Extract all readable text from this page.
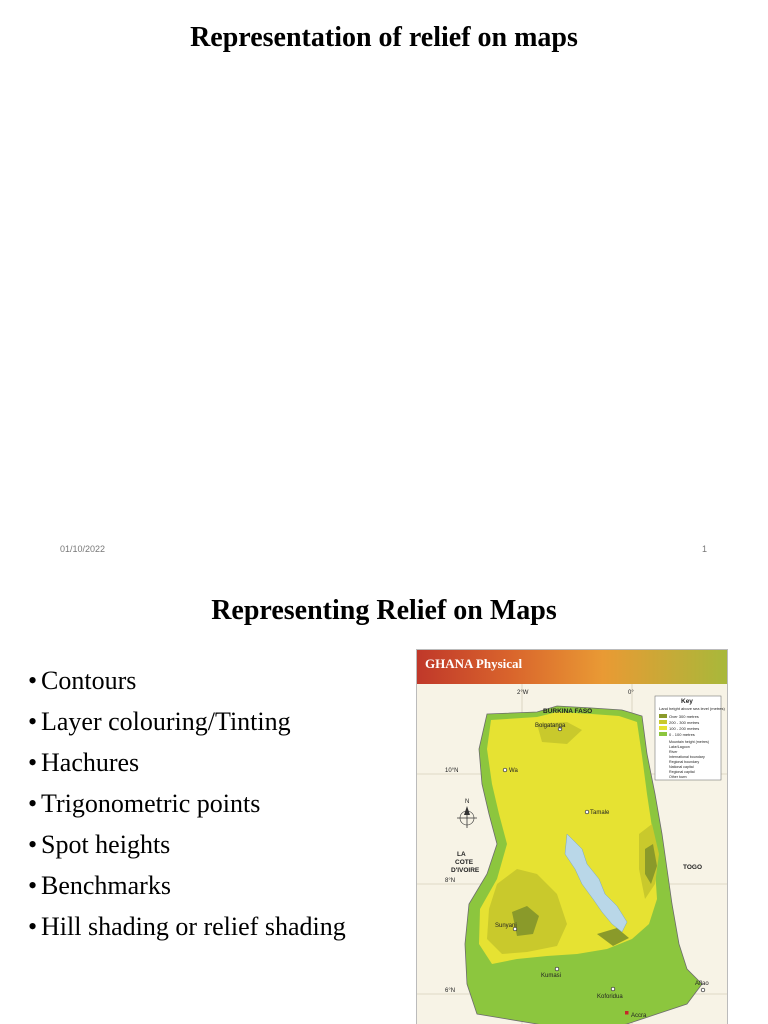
Representation of relief on maps
01/10/2022	1
Representing Relief on Maps
• Contours
• Layer colouring/Tinting
• Hachures
• Trigonometric points
• Spot heights
• Benchmarks
• Hill shading or relief shading
GHANA Physical
Bolgatanga
Wa
Tamale
Sunyani
Kumasi
Koforidua
Accra
Aflao
BURKINA FASO
TOGO
LA
COTE
D'IVOIRE
2°W	0°
10°N
8°N
6°N
N
Key
Land height above sea level (metres)
Over 300 metres
200 - 300 metres
100 - 200 metres
0 - 100 metres
Mountain height (metres)
Lake/Lagoon
River
International boundary
Regional boundary
National capital
Regional capital
Other town
